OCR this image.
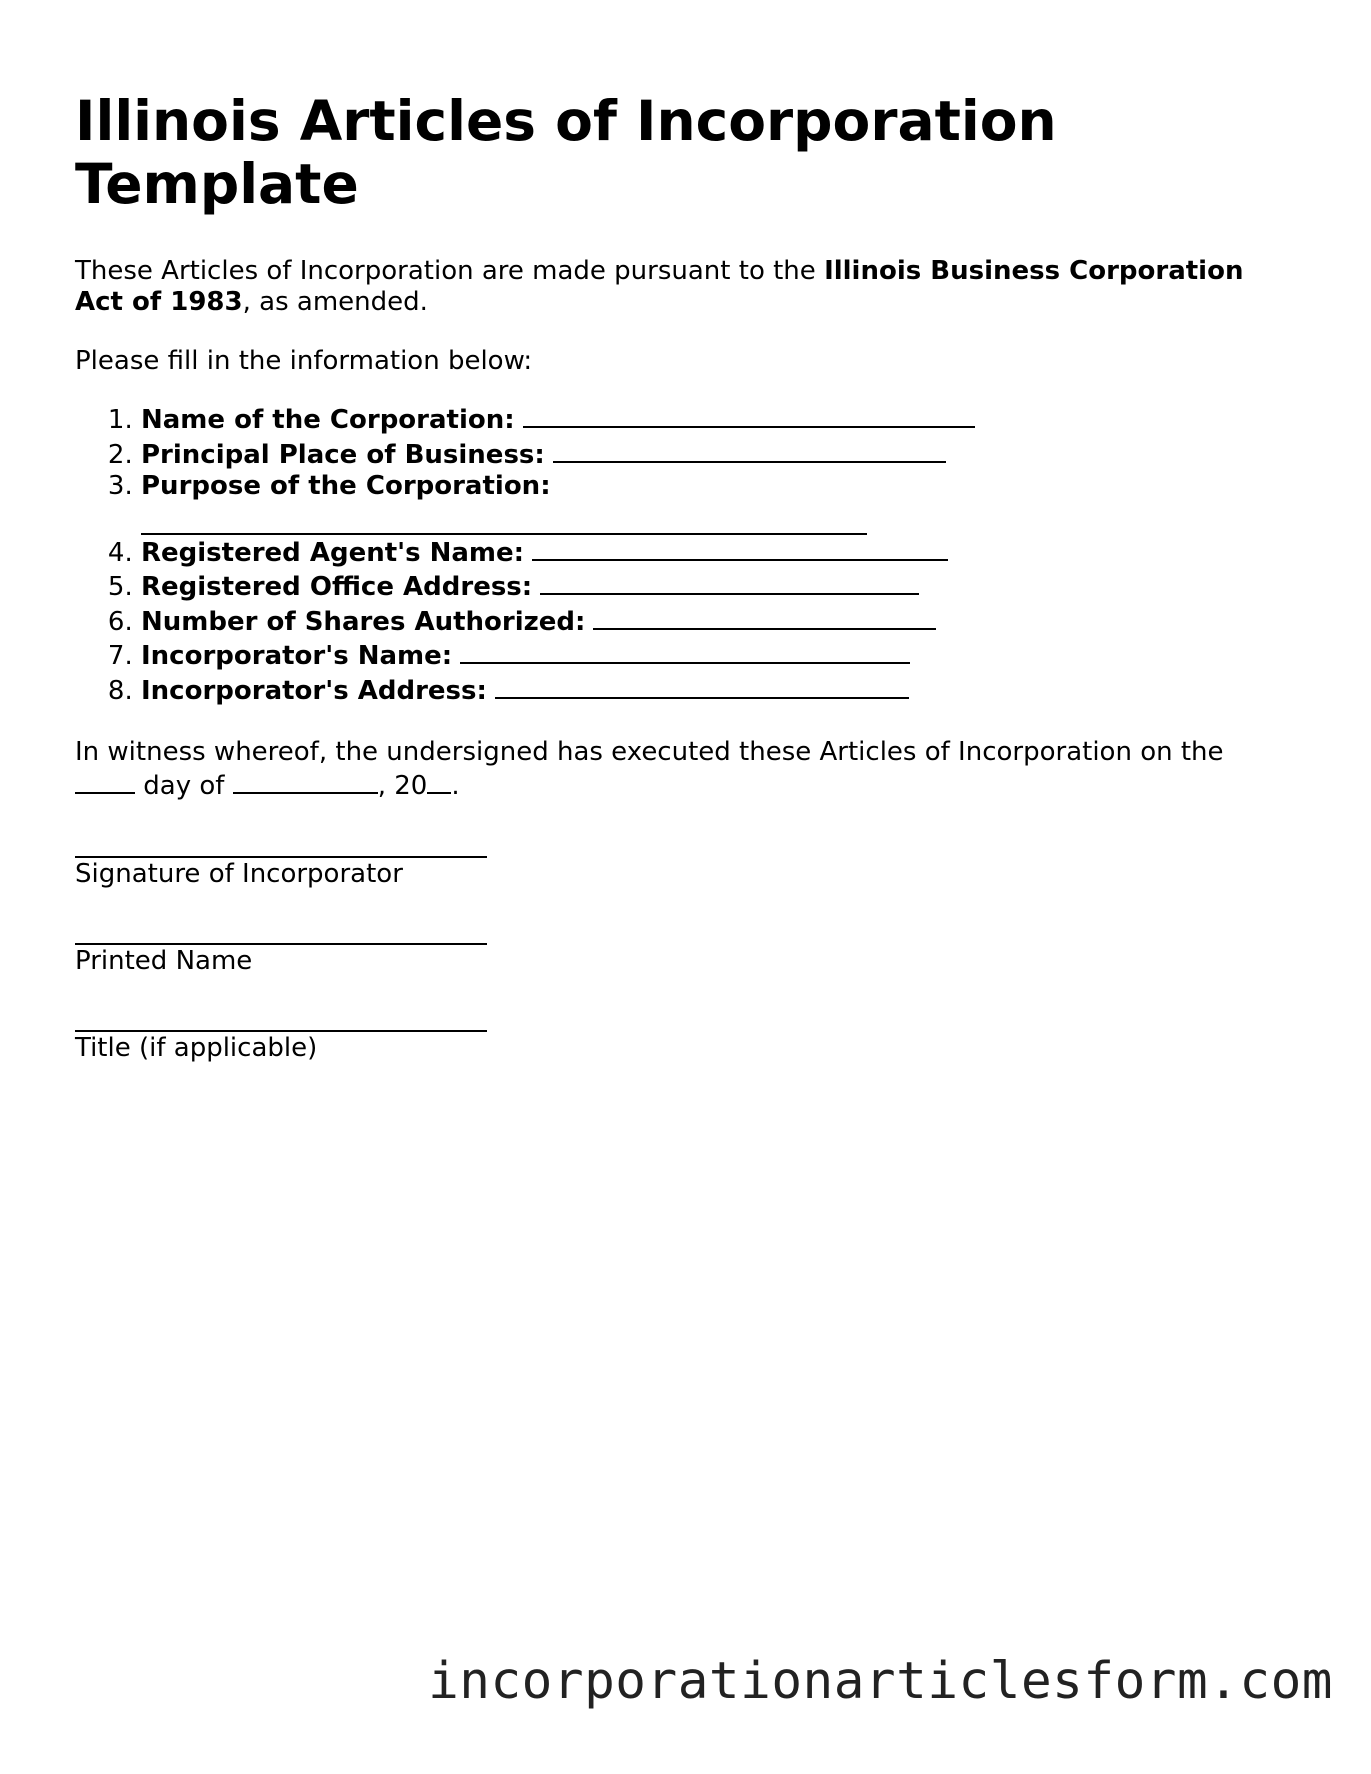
Illinois Articles of Incorporation Template

These Articles of Incorporation are made pursuant to the Illinois Business Corporation Act of 1983, as amended.

Please fill in the information below:

1. Name of the Corporation:
2. Principal Place of Business:
3. Purpose of the Corporation:
4. Registered Agent's Name:
5. Registered Office Address:
6. Number of Shares Authorized:
7. Incorporator's Name:
8. Incorporator's Address:

In witness whereof, the undersigned has executed these Articles of Incorporation on the
day of	, 20 .

Signature of Incorporator
Printed Name
Title (if applicable)
incorporationarticlesform.com
